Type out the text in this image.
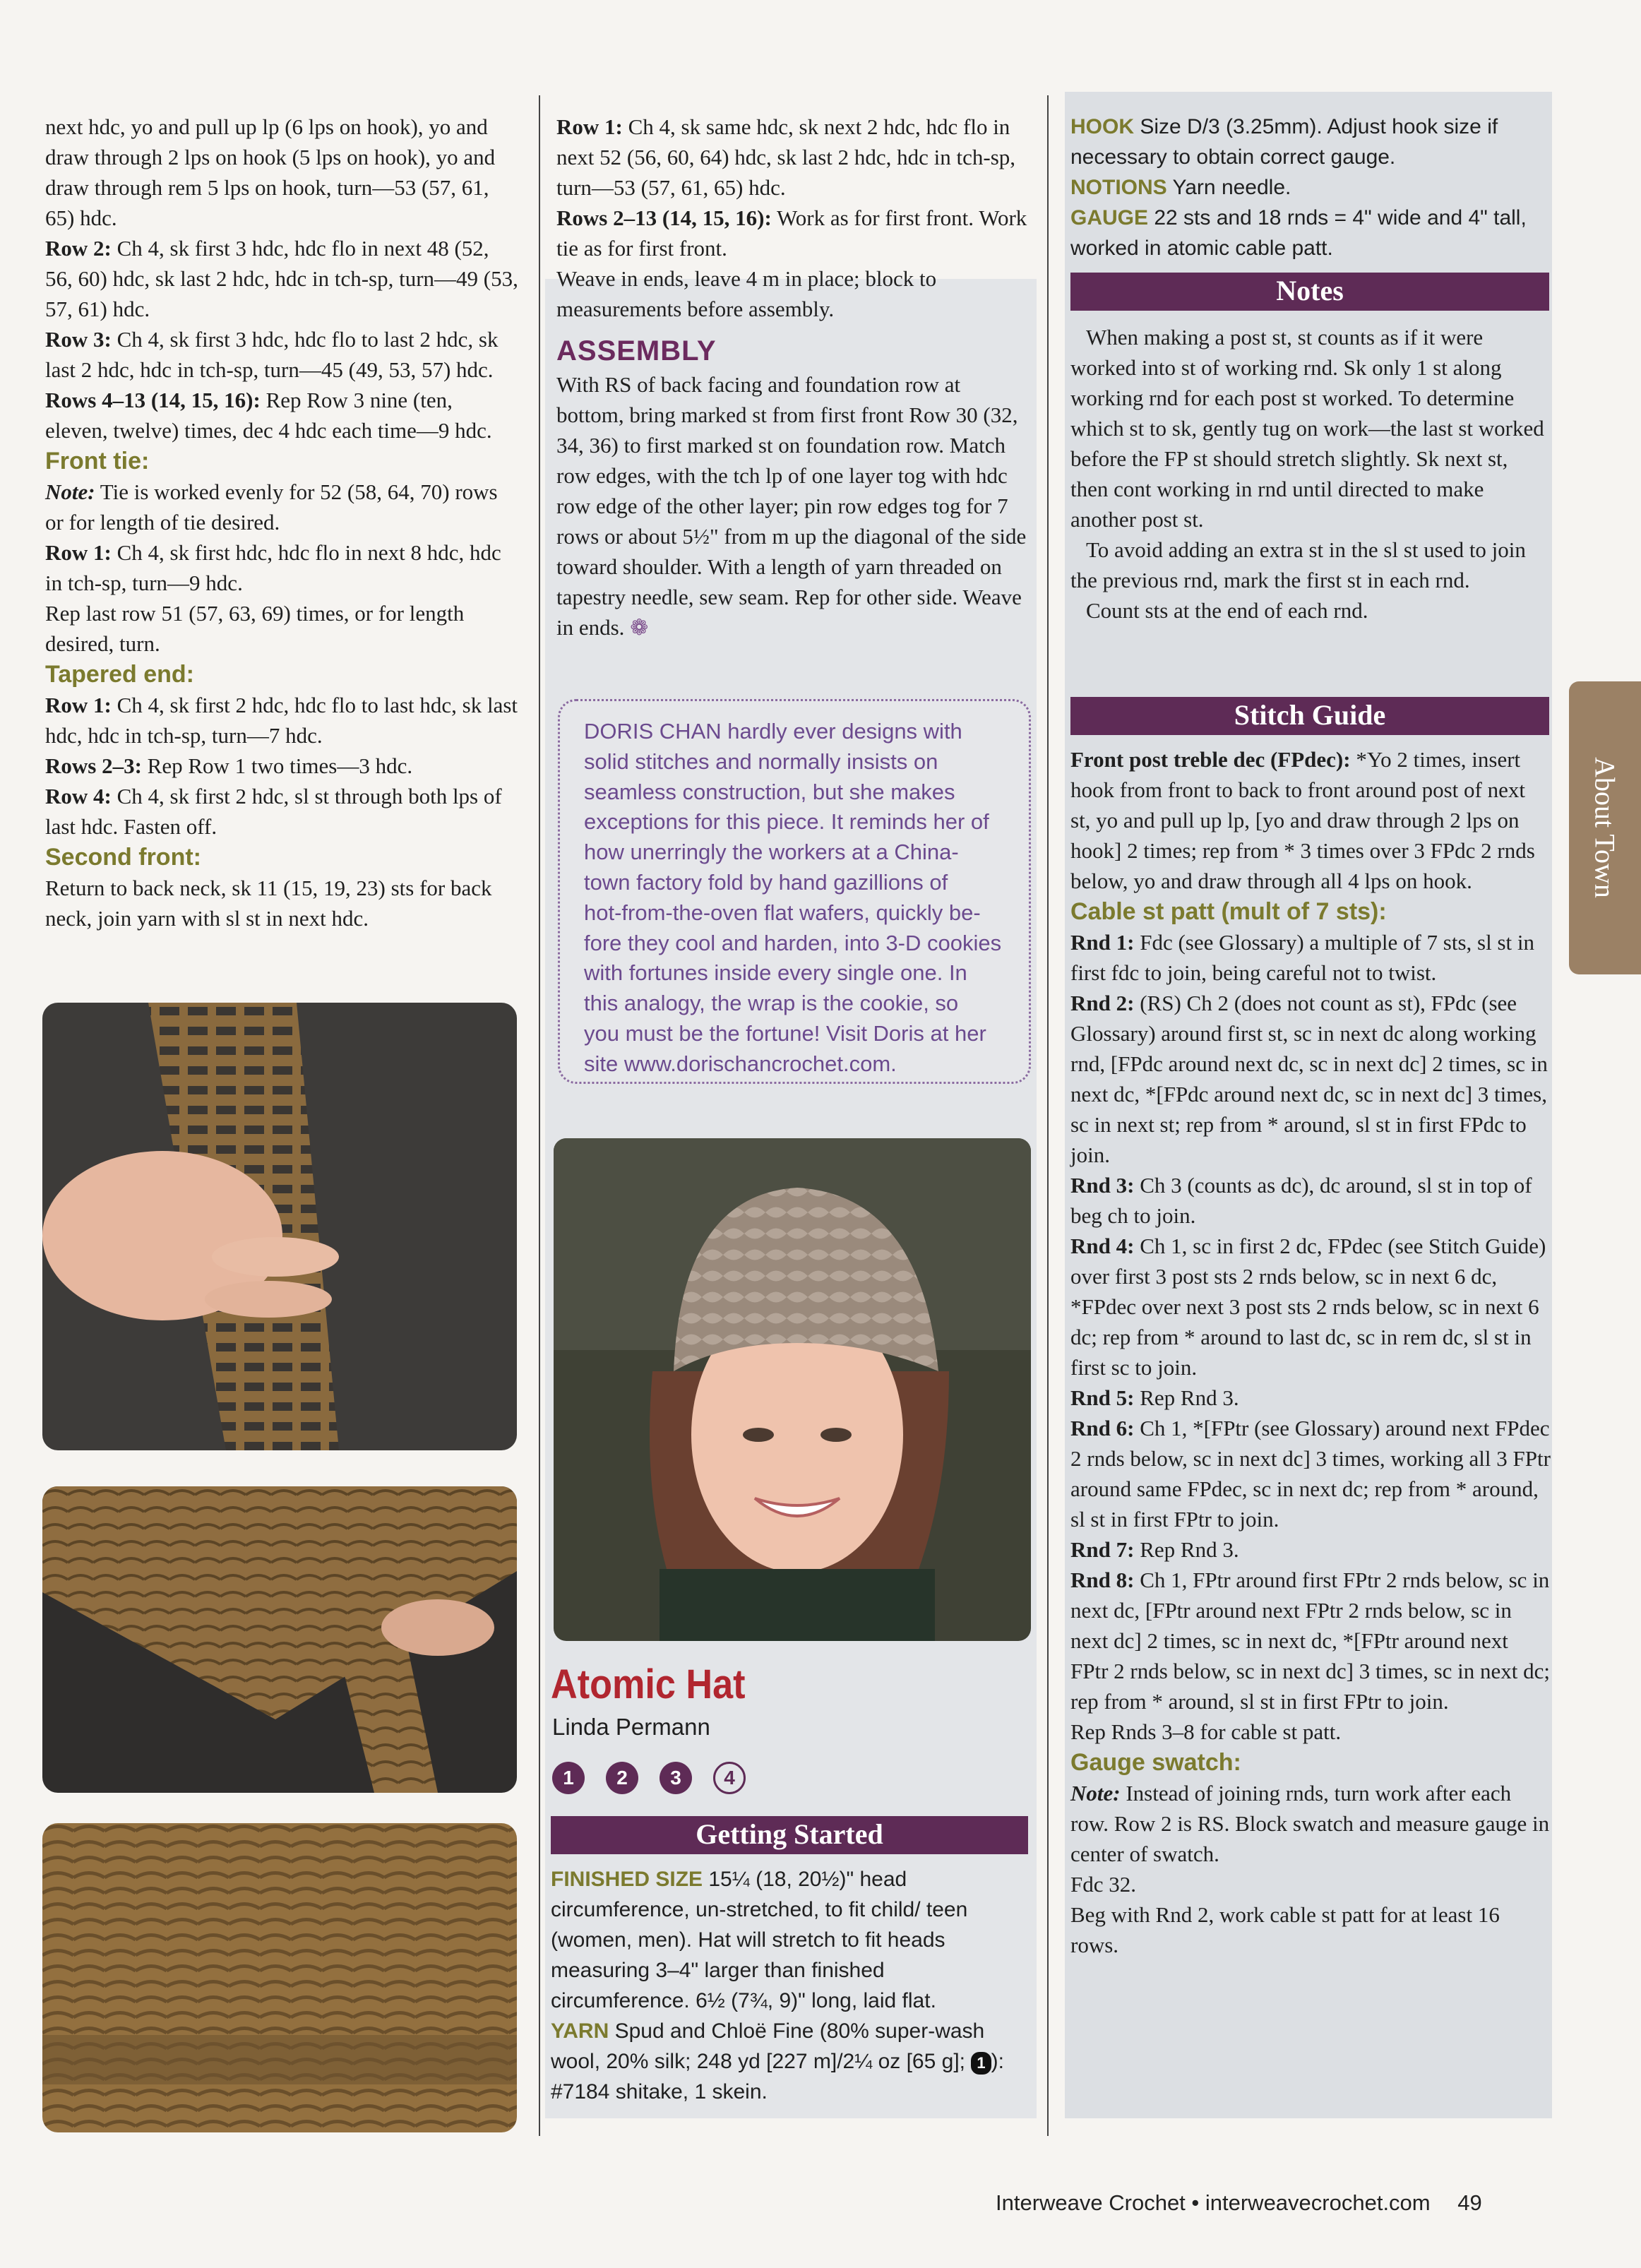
About Town

next hdc, yo and pull up lp (6 lps on hook), yo and draw through 2 lps on hook (5 lps on hook), yo and draw through rem 5 lps on hook, turn—53 (57, 61, 65) hdc.

Row 2: Ch 4, sk first 3 hdc, hdc flo in next 48 (52, 56, 60) hdc, sk last 2 hdc, hdc in tch-sp, turn—49 (53, 57, 61) hdc.

Row 3: Ch 4, sk first 3 hdc, hdc flo to last 2 hdc, sk last 2 hdc, hdc in tch-sp, turn—45 (49, 53, 57) hdc.

Rows 4–13 (14, 15, 16): Rep Row 3 nine (ten, eleven, twelve) times, dec 4 hdc each time—9 hdc.

Front tie:

Note: Tie is worked evenly for 52 (58, 64, 70) rows or for length of tie desired.

Row 1: Ch 4, sk first hdc, hdc flo in next 8 hdc, hdc in tch-sp, turn—9 hdc.

Rep last row 51 (57, 63, 69) times, or for length desired, turn.

Tapered end:

Row 1: Ch 4, sk first 2 hdc, hdc flo to last hdc, sk last hdc, hdc in tch-sp, turn—7 hdc.

Rows 2–3: Rep Row 1 two times—3 hdc.

Row 4: Ch 4, sk first 2 hdc, sl st through both lps of last hdc. Fasten off.

Second front:

Return to back neck, sk 11 (15, 19, 23) sts for back neck, join yarn with sl st in next hdc.

Row 1: Ch 4, sk same hdc, sk next 2 hdc, hdc flo in next 52 (56, 60, 64) hdc, sk last 2 hdc, hdc in tch-sp, turn—53 (57, 61, 65) hdc.

Rows 2–13 (14, 15, 16): Work as for first front. Work tie as for first front.

Weave in ends, leave 4 m in place; block to measurements before assembly.

ASSEMBLY

With RS of back facing and foundation row at bottom, bring marked st from first front Row 30 (32, 34, 36) to first marked st on foundation row. Match row edges, with the tch lp of one layer tog with hdc row edge of the other layer; pin row edges tog for 7 rows or about 5½" from m up the diagonal of the side toward shoulder. With a length of yarn threaded on tapestry needle, sew seam. Rep for other side. Weave in ends. ❁

DORIS CHAN hardly ever designs with
solid stitches and normally insists on
seamless construction, but she makes
exceptions for this piece. It reminds her of
how unerringly the workers at a China-
town factory fold by hand gazillions of
hot-from-the-oven flat wafers, quickly be-
fore they cool and harden, into 3-D cookies
with fortunes inside every single one. In
this analogy, the wrap is the cookie, so
you must be the fortune! Visit Doris at her
site www.dorischancrochet.com.
Atomic Hat
Linda Permann
1 2 3 4
Getting Started

FINISHED SIZE 15¼ (18, 20½)" head circumference, un-stretched, to fit child/ teen (women, men). Hat will stretch to fit heads measuring 3–4" larger than finished circumference. 6½ (7¾, 9)" long, laid flat.

YARN Spud and Chloë Fine (80% super-wash wool, 20% silk; 248 yd [227 m]/2¼ oz [65 g]; 1 ): #7184 shitake, 1 skein.

HOOK Size D/3 (3.25mm). Adjust hook size if necessary to obtain correct gauge.

NOTIONS Yarn needle.

GAUGE 22 sts and 18 rnds = 4" wide and 4" tall, worked in atomic cable patt.

Notes

When making a post st, st counts as if it were worked into st of working rnd. Sk only 1 st along working rnd for each post st worked. To determine which st to sk, gently tug on work—the last st worked before the FP st should stretch slightly. Sk next st, then cont working in rnd until directed to make another post st.

To avoid adding an extra st in the sl st used to join the previous rnd, mark the first st in each rnd.

Count sts at the end of each rnd.

Stitch Guide

Front post treble dec (FPdec): *Yo 2 times, insert hook from front to back to front around post of next st, yo and pull up lp, [yo and draw through 2 lps on hook] 2 times; rep from * 3 times over 3 FPdc 2 rnds below, yo and draw through all 4 lps on hook.

Cable st patt (mult of 7 sts):

Rnd 1: Fdc (see Glossary) a multiple of 7 sts, sl st in first fdc to join, being careful not to twist.

Rnd 2: (RS) Ch 2 (does not count as st), FPdc (see Glossary) around first st, sc in next dc along working rnd, [FPdc around next dc, sc in next dc] 2 times, sc in next dc, *[FPdc around next dc, sc in next dc] 3 times, sc in next st; rep from * around, sl st in first FPdc to join.

Rnd 3: Ch 3 (counts as dc), dc around, sl st in top of beg ch to join.

Rnd 4: Ch 1, sc in first 2 dc, FPdec (see Stitch Guide) over first 3 post sts 2 rnds below, sc in next 6 dc, *FPdec over next 3 post sts 2 rnds below, sc in next 6 dc; rep from * around to last dc, sc in rem dc, sl st in first sc to join.

Rnd 5: Rep Rnd 3.

Rnd 6: Ch 1, *[FPtr (see Glossary) around next FPdec 2 rnds below, sc in next dc] 3 times, working all 3 FPtr around same FPdec, sc in next dc; rep from * around, sl st in first FPtr to join.

Rnd 7: Rep Rnd 3.

Rnd 8: Ch 1, FPtr around first FPtr 2 rnds below, sc in next dc, [FPtr around next FPtr 2 rnds below, sc in next dc] 2 times, sc in next dc, *[FPtr around next FPtr 2 rnds below, sc in next dc] 3 times, sc in next dc; rep from * around, sl st in first FPtr to join.

Rep Rnds 3–8 for cable st patt.

Gauge swatch:

Note: Instead of joining rnds, turn work after each row. Row 2 is RS. Block swatch and measure gauge in center of swatch.

Fdc 32.

Beg with Rnd 2, work cable st patt for at least 16 rows.

Interweave Crochet • interweavecrochet.com 49
